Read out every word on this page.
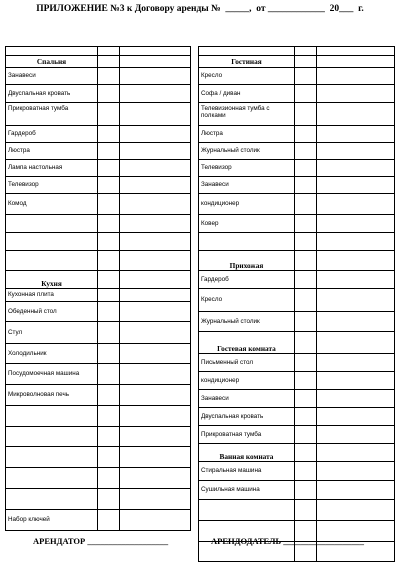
ПРИЛОЖЕНИЕ №3 к Договору аренды №  _____,  от ____________  20___  г.

Спальня		
Занавеси		
Двуспальная кровать		
Прикроватная тумба		
Гардероб		
Люстра		
Лампа настольная		
Телевизор		
Комод		

Кухня		
Кухонная плита		
Обеденный стол		
Стул		
Холодильник		
Посудомоечная машина		
Микроволновая печь		

Набор ключей		

Гостиная		
Кресло		
Софа / диван		
Телевизионная тумба с полками		
Люстра		
Журнальный столик		
Телевизор		
Занавеси		
кондиционер		
Ковер		

Прихожая		
Гардероб		
Кресло		
Журнальный столик		
Гостевая комната		
Письменный стол		
кондиционер		
Занавеси		
Двуспальная кровать		
Прикроватная тумба		
Ванная комната		
Стиральная машина		
Сушильная машина		

АРЕНДАТОР ___________________	АРЕНДОДАТЕЛЬ ___________________
